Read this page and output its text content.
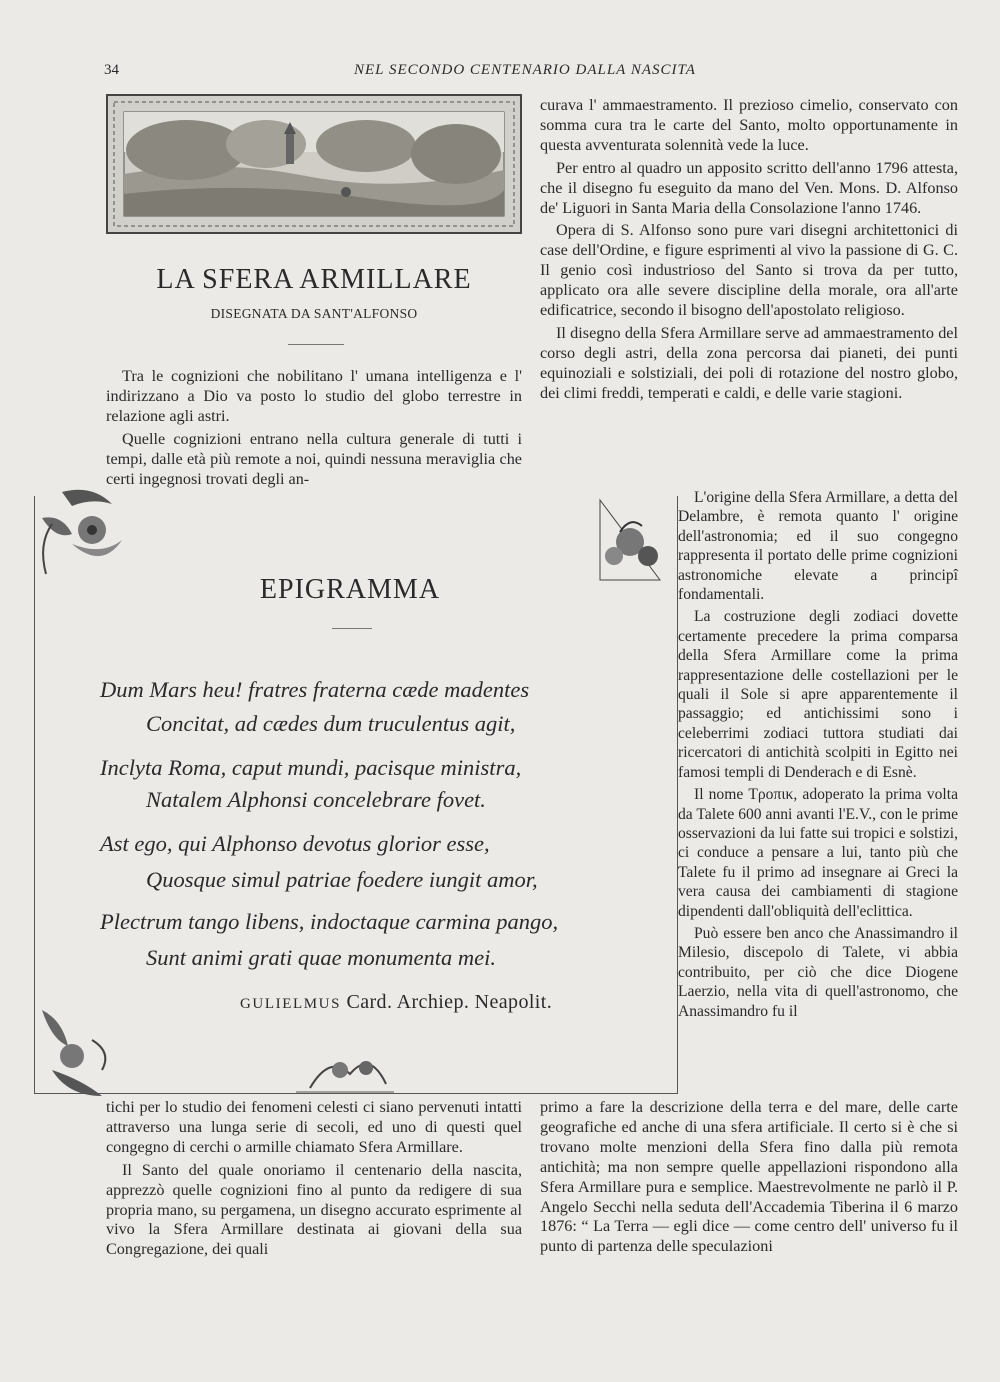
34	NEL SECONDO CENTENARIO DALLA NASCITA
LA SFERA ARMILLARE
DISEGNATA DA SANT'ALFONSO

Tra le cognizioni che nobilitano l' umana intelligenza e l' indirizzano a Dio va posto lo studio del globo terrestre in relazione agli astri.

Quelle cognizioni entrano nella cultura generale di tutti i tempi, dalle età più remote a noi, quindi nessuna meraviglia che certi ingegnosi trovati degli an-

curava l' ammaestramento. Il prezioso cimelio, conservato con somma cura tra le carte del Santo, molto opportunamente in questa avventurata solennità vede la luce.

Per entro al quadro un apposito scritto dell'anno 1796 attesta, che il disegno fu eseguito da mano del Ven. Mons. D. Alfonso de' Liguori in Santa Maria della Consolazione l'anno 1746.

Opera di S. Alfonso sono pure vari disegni architettonici di case dell'Ordine, e figure esprimenti al vivo la passione di G. C. Il genio così industrioso del Santo si trova da per tutto, applicato ora alle severe discipline della morale, ora all'arte edificatrice, secondo il bisogno dell'apostolato religioso.

Il disegno della Sfera Armillare serve ad ammaestramento del corso degli astri, della zona percorsa dai pianeti, dei punti equinoziali e solstiziali, dei poli di rotazione del nostro globo, dei climi freddi, temperati e caldi, e delle varie stagioni.

L'origine della Sfera Armillare, a detta del Delambre, è remota quanto l' origine dell'astronomia; ed il suo congegno rappresenta il portato delle prime cognizioni astronomiche elevate a principî fondamentali.

La costruzione degli zodiaci dovette certamente precedere la prima comparsa della Sfera Armillare come la prima rappresentazione delle costellazioni per le quali il Sole si apre apparentemente il passaggio; ed antichissimi sono i celeberrimi zodiaci tuttora studiati dai ricercatori di antichità scolpiti in Egitto nei famosi templi di Denderach e di Esnè.

Il nome Τροπικ, adoperato la prima volta da Talete 600 anni avanti l'E.V., con le prime osservazioni da lui fatte sui tropici e solstizi, ci conduce a pensare a lui, tanto più che Talete fu il primo ad insegnare ai Greci la vera causa dei cambiamenti di stagione dipendenti dall'obliquità dell'eclittica.

Può essere ben anco che Anassimandro il Milesio, discepolo di Talete, vi abbia contribuito, per ciò che dice Diogene Laerzio, nella vita di quell'astronomo, che Anassimandro fu il

EPIGRAMMA
Dum Mars heu! fratres fraterna cæde madentes
Concitat, ad cædes dum truculentus agit,
Inclyta Roma, caput mundi, pacisque ministra,
Natalem Alphonsi concelebrare fovet.
Ast ego, qui Alphonso devotus glorior esse,
Quosque simul patriae foedere iungit amor,
Plectrum tango libens, indoctaque carmina pango,
Sunt animi grati quae monumenta mei.
GULIELMUS Card. Archiep. Neapolit.

tichi per lo studio dei fenomeni celesti ci siano pervenuti intatti attraverso una lunga serie di secoli, ed uno di questi quel congegno di cerchi o armille chiamato Sfera Armillare.

Il Santo del quale onoriamo il centenario della nascita, apprezzò quelle cognizioni fino al punto da redigere di sua propria mano, su pergamena, un disegno accurato esprimente al vivo la Sfera Armillare destinata ai giovani della sua Congregazione, dei quali

primo a fare la descrizione della terra e del mare, delle carte geografiche ed anche di una sfera artificiale. Il certo si è che si trovano molte menzioni della Sfera fino dalla più remota antichità; ma non sempre quelle appellazioni rispondono alla Sfera Armillare pura e semplice. Maestrevolmente ne parlò il P. Angelo Secchi nella seduta dell'Accademia Tiberina il 6 marzo 1876: “ La Terra — egli dice — come centro dell' universo fu il punto di partenza delle speculazioni
